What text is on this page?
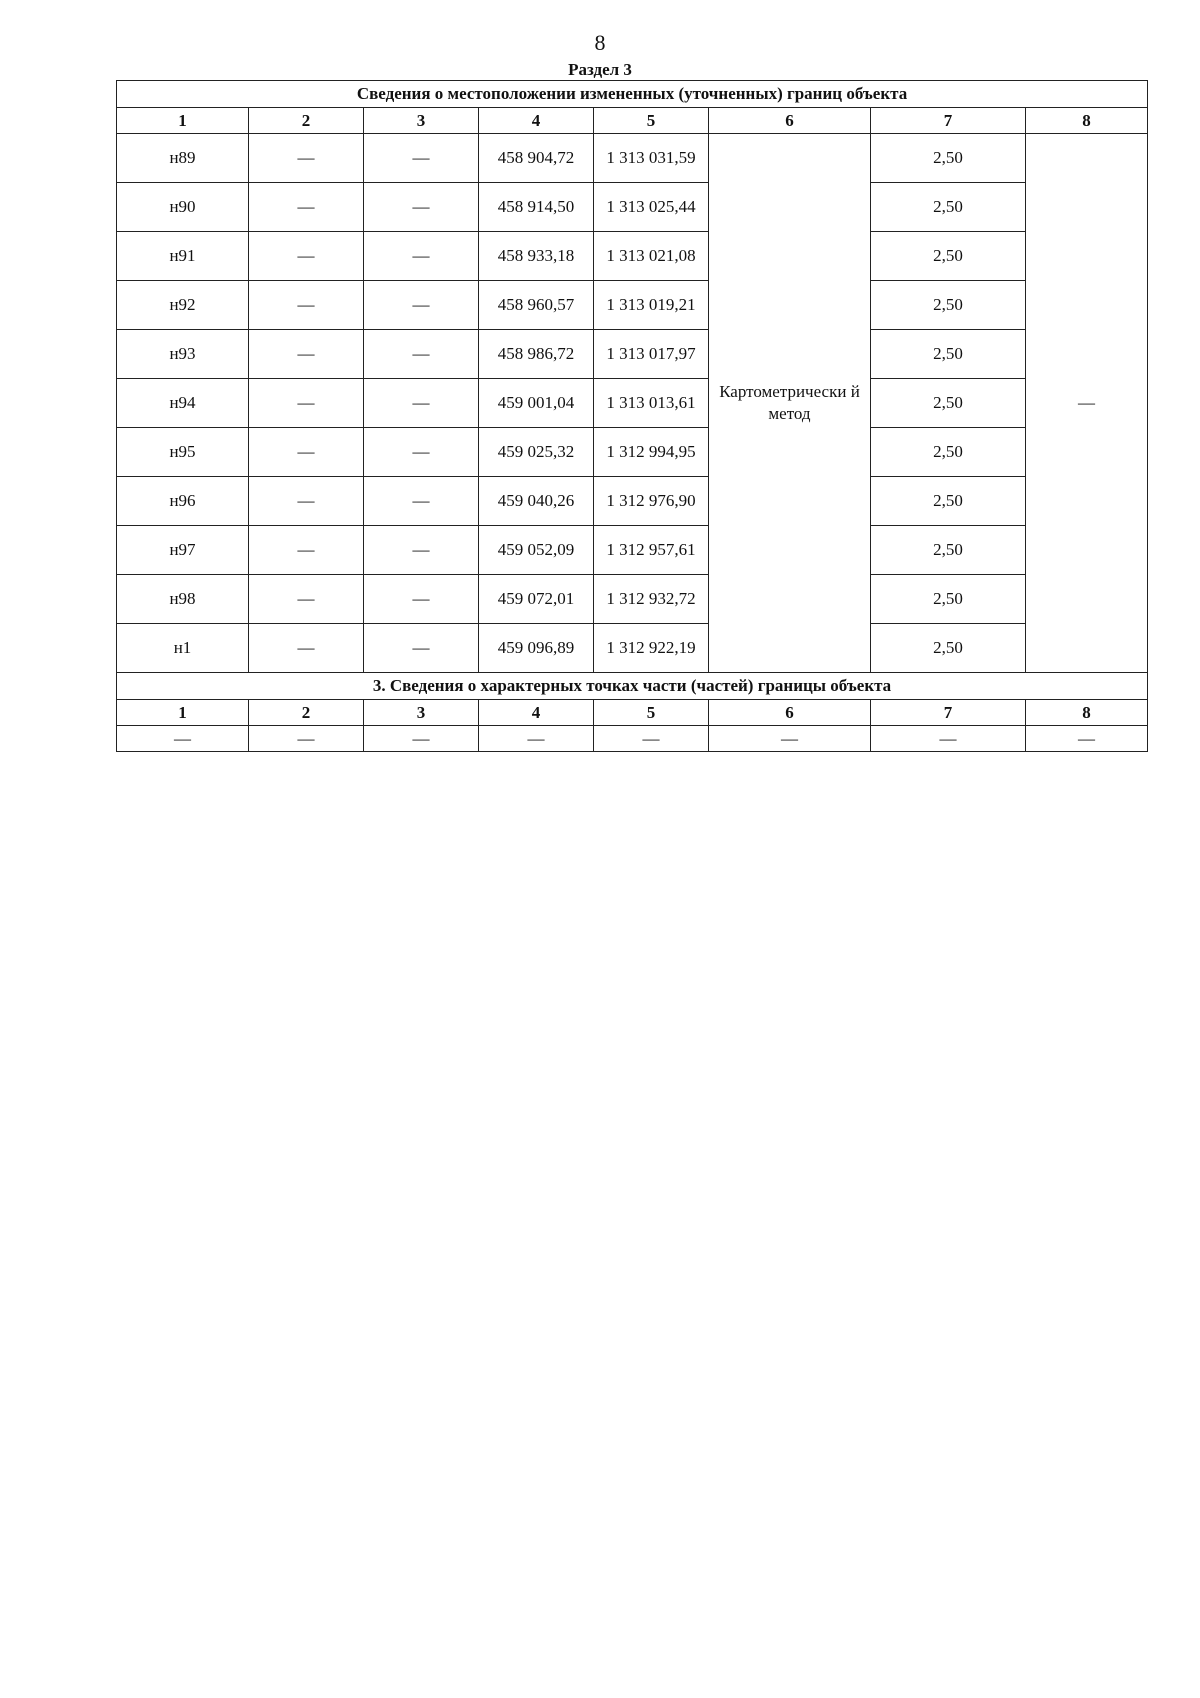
8
Раздел 3
Сведения о местоположении измененных (уточненных) границ объекта							
1	2	3	4	5	6	7	8
н89	—	—	458 904,72	1 313 031,59	Картометрически й метод	2,50	—
н90	—	—	458 914,50	1 313 025,44		2,50	
н91	—	—	458 933,18	1 313 021,08		2,50	
н92	—	—	458 960,57	1 313 019,21		2,50	
н93	—	—	458 986,72	1 313 017,97		2,50	
н94	—	—	459 001,04	1 313 013,61		2,50	
н95	—	—	459 025,32	1 312 994,95		2,50	
н96	—	—	459 040,26	1 312 976,90		2,50	
н97	—	—	459 052,09	1 312 957,61		2,50	
н98	—	—	459 072,01	1 312 932,72		2,50	
н1	—	—	459 096,89	1 312 922,19		2,50	
3. Сведения о характерных точках части (частей) границы объекта							
1	2	3	4	5	6	7	8
—	—	—	—	—	—	—	—
